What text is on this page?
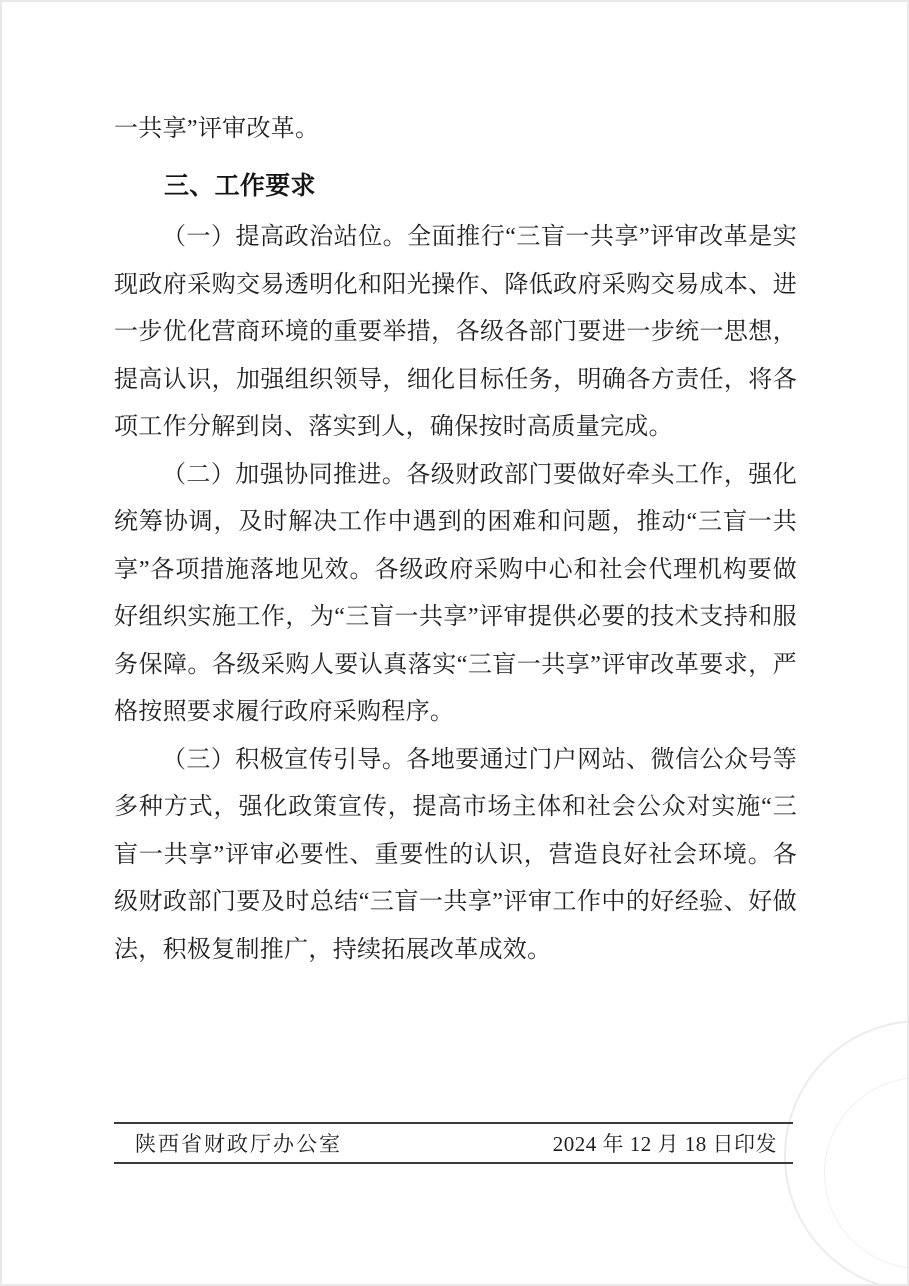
一共享”评审改革。

三、工作要求

（一）提高政治站位。全面推行“三盲一共享”评审改革是实现政府采购交易透明化和阳光操作、降低政府采购交易成本、进一步优化营商环境的重要举措，各级各部门要进一步统一思想，提高认识，加强组织领导，细化目标任务，明确各方责任，将各项工作分解到岗、落实到人，确保按时高质量完成。

（二）加强协同推进。各级财政部门要做好牵头工作，强化统筹协调，及时解决工作中遇到的困难和问题，推动“三盲一共享”各项措施落地见效。各级政府采购中心和社会代理机构要做好组织实施工作，为“三盲一共享”评审提供必要的技术支持和服务保障。各级采购人要认真落实“三盲一共享”评审改革要求，严格按照要求履行政府采购程序。

（三）积极宣传引导。各地要通过门户网站、微信公众号等多种方式，强化政策宣传，提高市场主体和社会公众对实施“三盲一共享”评审必要性、重要性的认识，营造良好社会环境。各级财政部门要及时总结“三盲一共享”评审工作中的好经验、好做法，积极复制推广，持续拓展改革成效。

陕西省财政厅办公室	2024 年 12 月 18 日印发
